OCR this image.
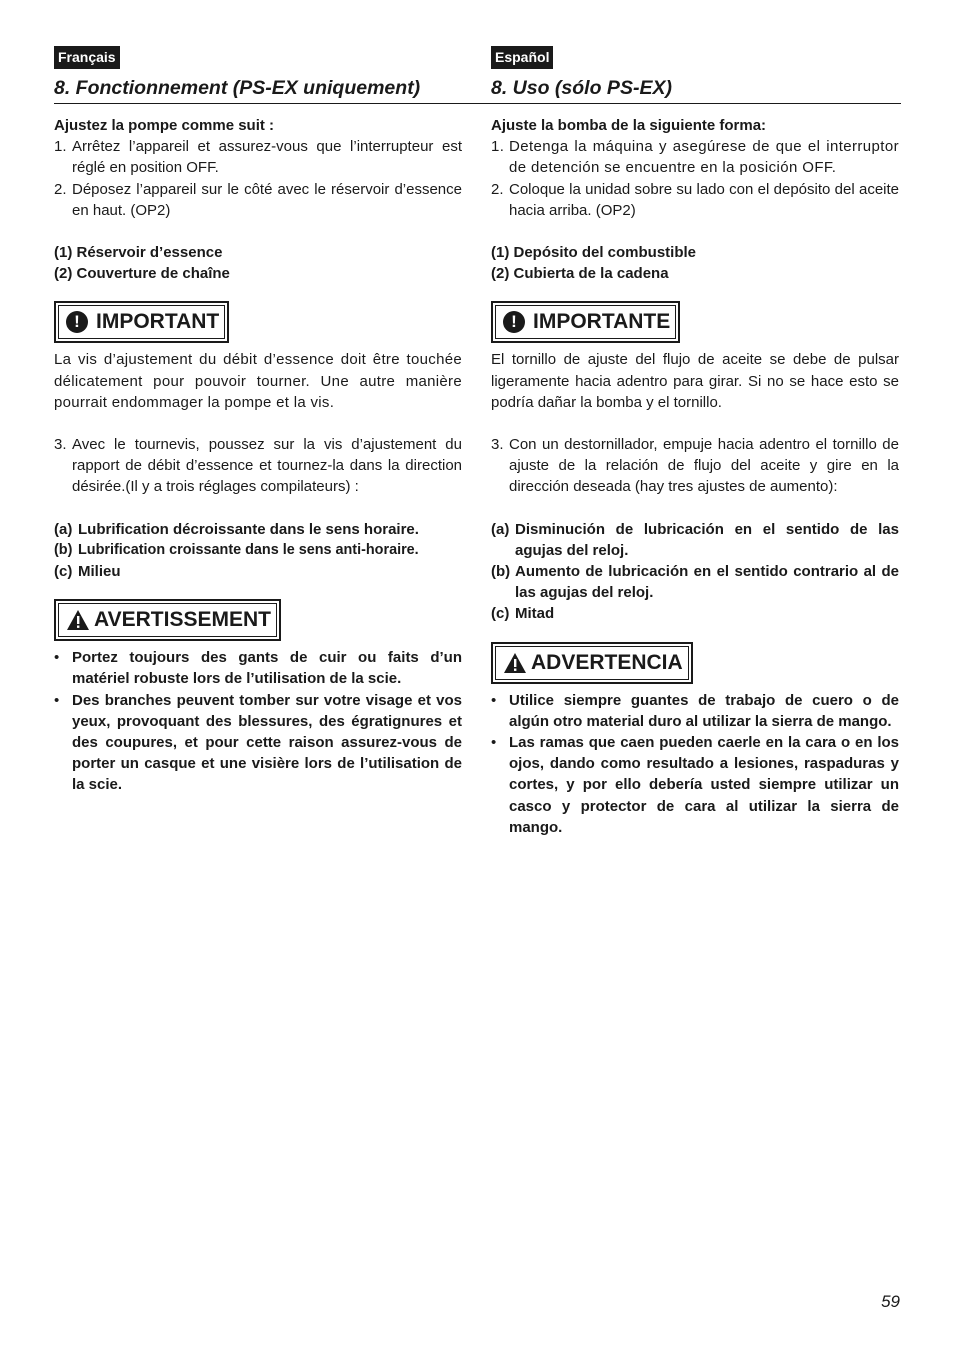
Français
8. Fonctionnement (PS-EX uniquement)

Ajustez la pompe comme suit :

1. Arrêtez l’appareil et assurez-vous que l’interrupteur est réglé en position OFF.
2. Déposez l’appareil sur le côté avec le réservoir d’essence en haut. (OP2)

(1) Réservoir d’essence

(2) Couverture de chaîne

! IMPORTANT

La vis d’ajustement du débit d’essence doit être touchée délicatement pour pouvoir tourner. Une autre manière pourrait endommager la pompe et la vis.

3. Avec le tournevis, poussez sur la vis d’ajustement du rapport de débit d’essence et tournez-la dans la direction désirée.(Il y a trois réglages compilateurs) :
(a) Lubrification décroissante dans le sens horaire.
(b) Lubrification croissante dans le sens anti-horaire.
(c) Milieu
AVERTISSEMENT
• Portez toujours des gants de cuir ou faits d’un matériel robuste lors de l’utilisation de la scie.
• Des branches peuvent tomber sur votre visage et vos yeux, provoquant des blessures, des égratignures et des coupures, et pour cette raison assurez-vous de porter un casque et une visière lors de l’utilisation de la scie.
Español
8. Uso (sólo PS-EX)

Ajuste la bomba de la siguiente forma:

1. Detenga la máquina y asegúrese de que el interruptor de detención se encuentre en la posición OFF.
2. Coloque la unidad sobre su lado con el depósito del aceite hacia arriba. (OP2)

(1) Depósito del combustible

(2) Cubierta de la cadena

! IMPORTANTE

El tornillo de ajuste del flujo de aceite se debe de pulsar ligeramente hacia adentro para girar. Si no se hace esto se podría dañar la bomba y el tornillo.

3. Con un destornillador, empuje hacia adentro el tornillo de ajuste de la relación de flujo del aceite y gire en la dirección deseada (hay tres ajustes de aumento):
(a) Disminución de lubricación en el sentido de las agujas del reloj.
(b) Aumento de lubricación en el sentido contrario al de las agujas del reloj.
(c) Mitad
ADVERTENCIA
• Utilice siempre guantes de trabajo de cuero o de algún otro material duro al utilizar la sierra de mango.
• Las ramas que caen pueden caerle en la cara o en los ojos, dando como resultado a lesiones, raspaduras y cortes, y por ello debería usted siempre utilizar un casco y protector de cara al utilizar la sierra de mango.
59
